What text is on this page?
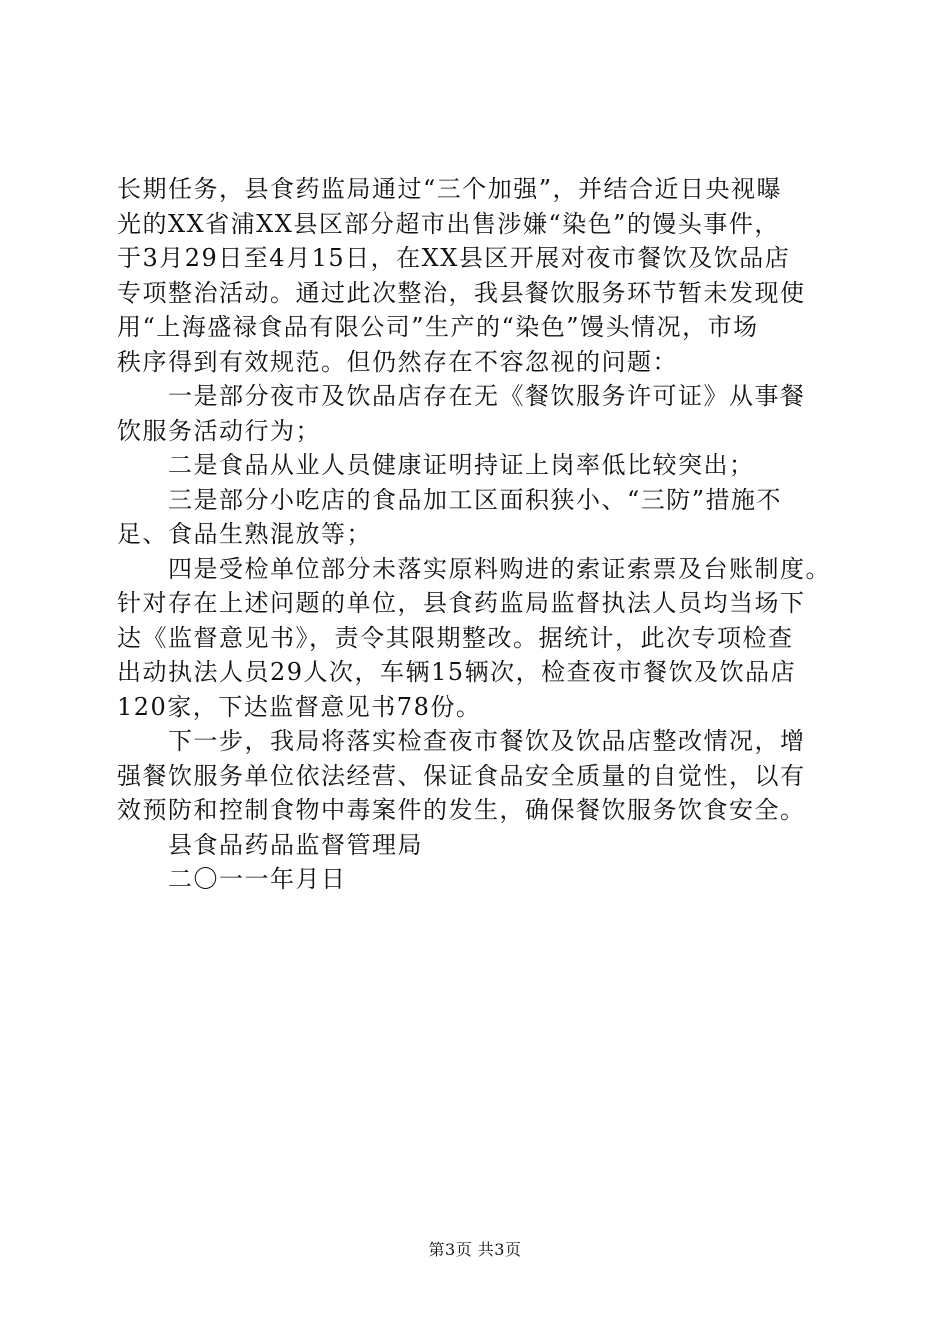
长期任务，县食药监局通过“三个加强”，并结合近日央视曝
光的XX省浦XX县区部分超市出售涉嫌“染色”的馒头事件，
于3月29日至4月15日，在XX县区开展对夜市餐饮及饮品店
专项整治活动。通过此次整治，我县餐饮服务环节暂未发现使
用“上海盛禄食品有限公司”生产的“染色”馒头情况，市场
秩序得到有效规范。但仍然存在不容忽视的问题：
　　一是部分夜市及饮品店存在无《餐饮服务许可证》从事餐
饮服务活动行为；
　　二是食品从业人员健康证明持证上岗率低比较突出；
　　三是部分小吃店的食品加工区面积狭小、“三防”措施不
足、食品生熟混放等；
　　四是受检单位部分未落实原料购进的索证索票及台账制度。
针对存在上述问题的单位，县食药监局监督执法人员均当场下
达《监督意见书》，责令其限期整改。据统计，此次专项检查
出动执法人员29人次，车辆15辆次，检查夜市餐饮及饮品店
120家，下达监督意见书78份。
　　下一步，我局将落实检查夜市餐饮及饮品店整改情况，增
强餐饮服务单位依法经营、保证食品安全质量的自觉性，以有
效预防和控制食物中毒案件的发生，确保餐饮服务饮食安全。
　　县食品药品监督管理局
　　二〇一一年月日
第3页 共3页
